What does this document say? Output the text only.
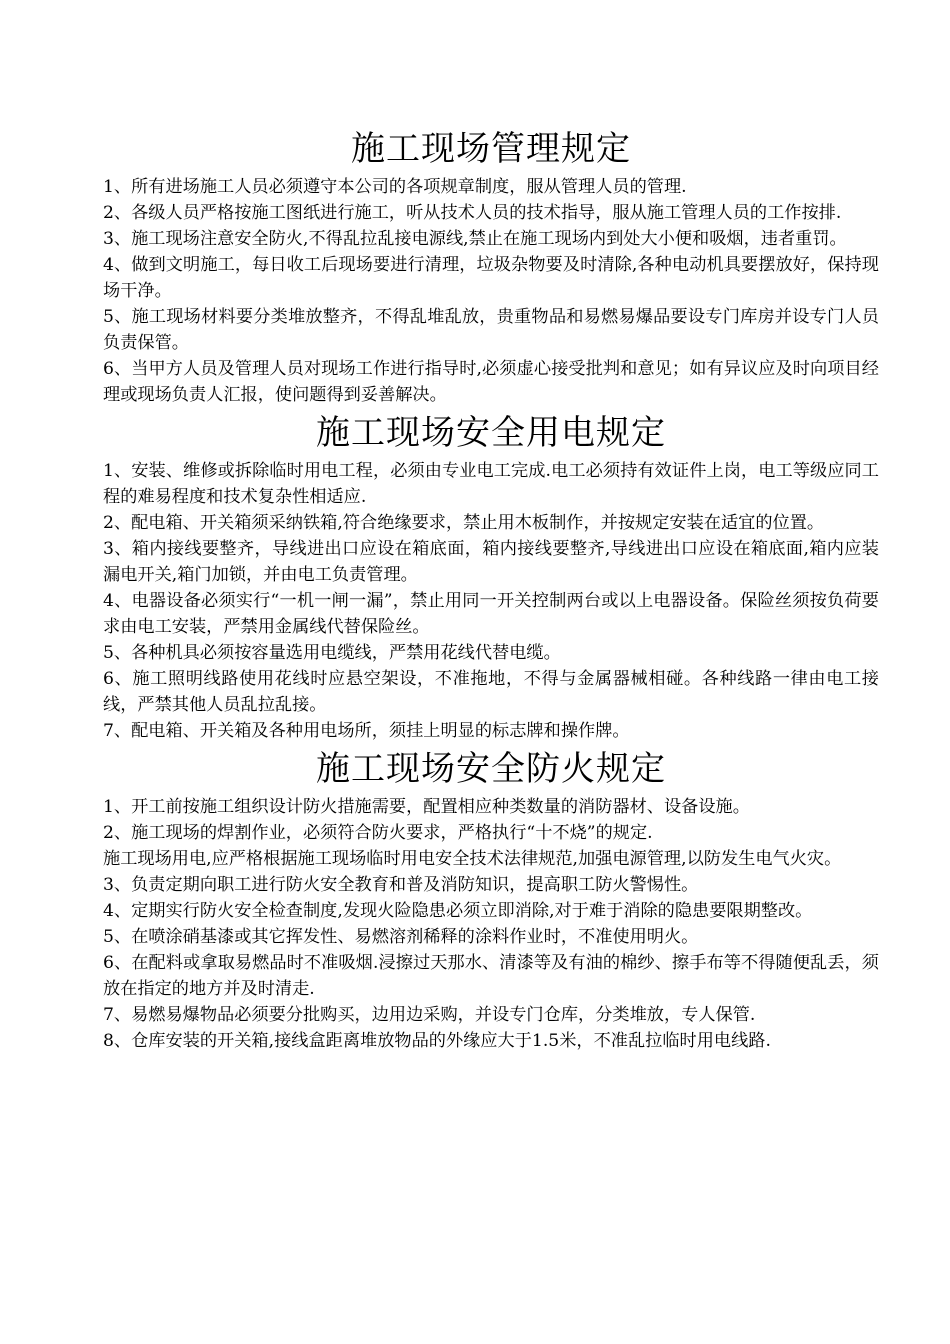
施工现场管理规定

1、所有进场施工人员必须遵守本公司的各项规章制度，服从管理人员的管理.

2、各级人员严格按施工图纸进行施工，听从技术人员的技术指导，服从施工管理人员的工作按排.

3、施工现场注意安全防火,不得乱拉乱接电源线,禁止在施工现场内到处大小便和吸烟，违者重罚。

4、做到文明施工，每日收工后现场要进行清理，垃圾杂物要及时清除,各种电动机具要摆放好，保持现场干净。

5、施工现场材料要分类堆放整齐，不得乱堆乱放，贵重物品和易燃易爆品要设专门库房并设专门人员负责保管。

6、当甲方人员及管理人员对现场工作进行指导时,必须虚心接受批判和意见；如有异议应及时向项目经理或现场负责人汇报，使问题得到妥善解决。

施工现场安全用电规定

1、安装、维修或拆除临时用电工程，必须由专业电工完成.电工必须持有效证件上岗，电工等级应同工程的难易程度和技术复杂性相适应.

2、配电箱、开关箱须采纳铁箱,符合绝缘要求，禁止用木板制作，并按规定安装在适宜的位置。

3、箱内接线要整齐，导线进出口应设在箱底面，箱内接线要整齐,导线进出口应设在箱底面,箱内应装漏电开关,箱门加锁，并由电工负责管理。

4、电器设备必须实行“一机一闸一漏”，禁止用同一开关控制两台或以上电器设备。保险丝须按负荷要求由电工安装，严禁用金属线代替保险丝。

5、各种机具必须按容量选用电缆线，严禁用花线代替电缆。

6、施工照明线路使用花线时应悬空架设，不准拖地，不得与金属器械相碰。各种线路一律由电工接线，严禁其他人员乱拉乱接。

7、配电箱、开关箱及各种用电场所，须挂上明显的标志牌和操作牌。

施工现场安全防火规定

1、开工前按施工组织设计防火措施需要，配置相应种类数量的消防器材、设备设施。

2、施工现场的焊割作业，必须符合防火要求，严格执行“十不烧”的规定.

施工现场用电,应严格根据施工现场临时用电安全技术法律规范,加强电源管理,以防发生电气火灾。

3、负责定期向职工进行防火安全教育和普及消防知识，提高职工防火警惕性。

4、定期实行防火安全检查制度,发现火险隐患必须立即消除,对于难于消除的隐患要限期整改。

5、在喷涂硝基漆或其它挥发性、易燃溶剂稀释的涂料作业时，不准使用明火。

6、在配料或拿取易燃品时不准吸烟.浸擦过天那水、清漆等及有油的棉纱、擦手布等不得随便乱丢，须放在指定的地方并及时清走.

7、易燃易爆物品必须要分批购买，边用边采购，并设专门仓库，分类堆放，专人保管.

8、仓库安装的开关箱,接线盒距离堆放物品的外缘应大于1.5米，不准乱拉临时用电线路.
